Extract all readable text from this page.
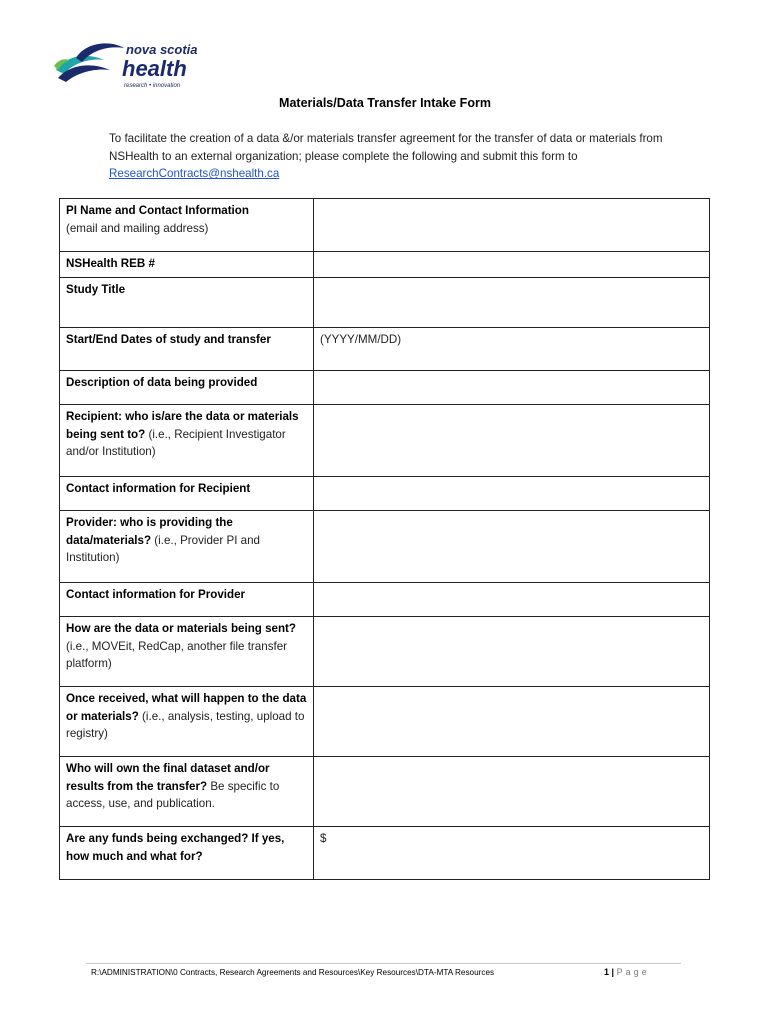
nova scotia
health
research • innovation
Materials/Data Transfer Intake Form
To facilitate the creation of a data &/or materials transfer agreement for the transfer of data or materials from NSHealth to an external organization; please complete the following and submit this form to ResearchContracts@nshealth.ca
PI Name and Contact Information
(email and mailing address)	
NSHealth REB #	
Study Title	
Start/End Dates of study and transfer	(YYYY/MM/DD)
Description of data being provided	
Recipient: who is/are the data or materials being sent to? (i.e., Recipient Investigator and/or Institution)	
Contact information for Recipient	
Provider: who is providing the data/materials? (i.e., Provider PI and Institution)	
Contact information for Provider	
How are the data or materials being sent? (i.e., MOVEit, RedCap, another file transfer platform)	
Once received, what will happen to the data or materials? (i.e., analysis, testing, upload to registry)	
Who will own the final dataset and/or results from the transfer? Be specific to access, use, and publication.	
Are any funds being exchanged? If yes, how much and what for?	$
R:\ADMINISTRATION\0 Contracts, Research Agreements and Resources\Key Resources\DTA-MTA Resources	1 | Page
